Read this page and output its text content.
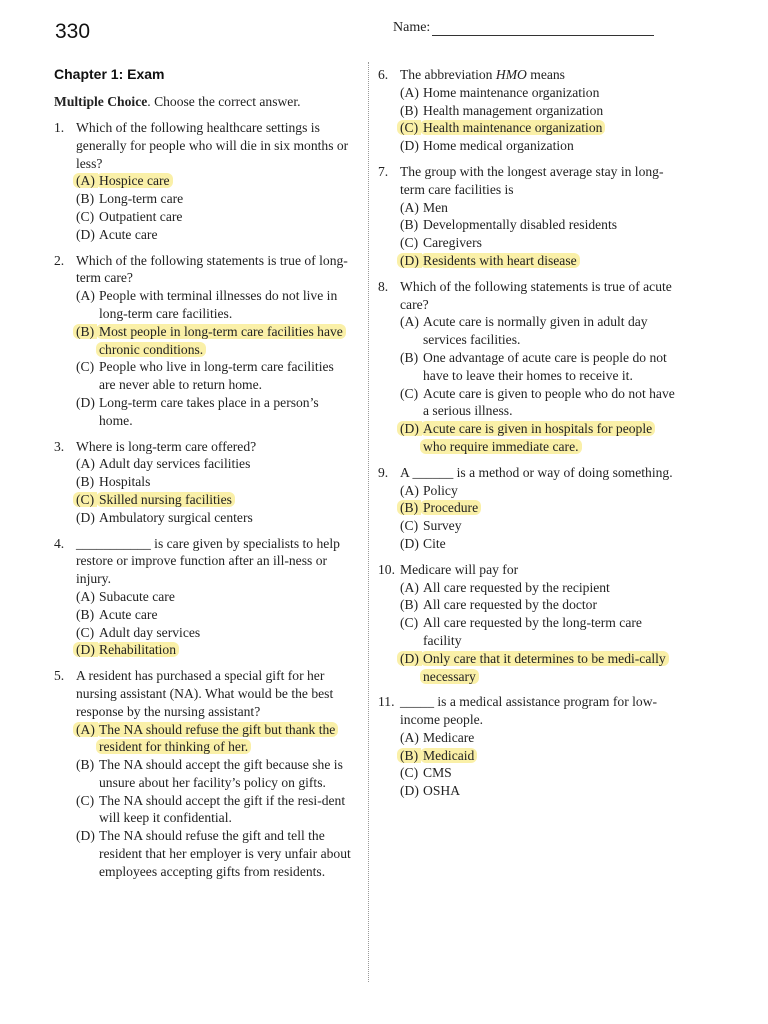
330	Name:
Chapter 1: Exam
Multiple Choice. Choose the correct answer.
1. Which of the following healthcare settings is generally for people who will die in six months or less?
(A) Hospice care
(B) Long-term care
(C) Outpatient care
(D) Acute care
2. Which of the following statements is true of long-term care?
(A) People with terminal illnesses do not live in long-term care facilities.
(B) Most people in long-term care facilities have chronic conditions.
(C) People who live in long-term care facilities are never able to return home.
(D) Long-term care takes place in a person’s home.
3. Where is long-term care offered?
(A) Adult day services facilities
(B) Hospitals
(C) Skilled nursing facilities
(D) Ambulatory surgical centers
4. ___________ is care given by specialists to help restore or improve function after an ill-ness or injury.
(A) Subacute care
(B) Acute care
(C) Adult day services
(D) Rehabilitation
5. A resident has purchased a special gift for her nursing assistant (NA). What would be the best response by the nursing assistant?
(A) The NA should refuse the gift but thank the resident for thinking of her.
(B) The NA should accept the gift because she is unsure about her facility’s policy on gifts.
(C) The NA should accept the gift if the resi-dent will keep it confidential.
(D) The NA should refuse the gift and tell the resident that her employer is very unfair about employees accepting gifts from residents.
6. The abbreviation HMO means
(A) Home maintenance organization
(B) Health management organization
(C) Health maintenance organization
(D) Home medical organization
7. The group with the longest average stay in long-term care facilities is
(A) Men
(B) Developmentally disabled residents
(C) Caregivers
(D) Residents with heart disease
8. Which of the following statements is true of acute care?
(A) Acute care is normally given in adult day services facilities.
(B) One advantage of acute care is people do not have to leave their homes to receive it.
(C) Acute care is given to people who do not have a serious illness.
(D) Acute care is given in hospitals for people who require immediate care.
9. A ______ is a method or way of doing something.
(A) Policy
(B) Procedure
(C) Survey
(D) Cite
10. Medicare will pay for
(A) All care requested by the recipient
(B) All care requested by the doctor
(C) All care requested by the long-term care facility
(D) Only care that it determines to be medi-cally necessary
11. _____ is a medical assistance program for low-income people.
(A) Medicare
(B) Medicaid
(C) CMS
(D) OSHA
